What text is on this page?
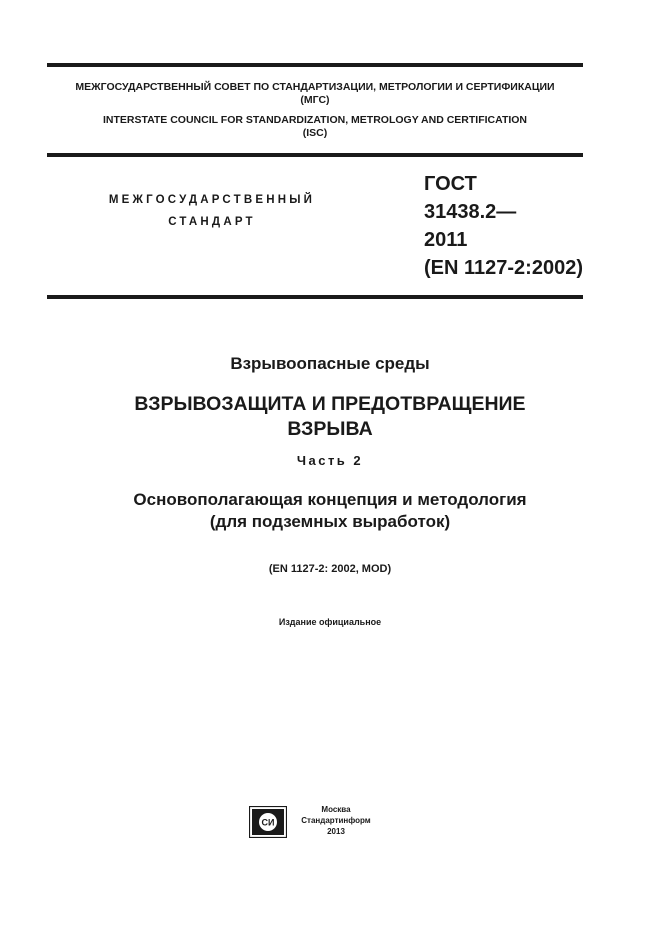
МЕЖГОСУДАРСТВЕННЫЙ СОВЕТ ПО СТАНДАРТИЗАЦИИ, МЕТРОЛОГИИ И СЕРТИФИКАЦИИ
(МГС)
INTERSTATE COUNCIL FOR STANDARDIZATION, METROLOGY AND CERTIFICATION
(ISC)
МЕЖГОСУДАРСТВЕННЫЙ
СТАНДАРТ
ГОСТ
31438.2—
2011
(EN 1127-2:2002)
Взрывоопасные среды
ВЗРЫВОЗАЩИТА И ПРЕДОТВРАЩЕНИЕ
ВЗРЫВА
Часть 2
Основополагающая концепция и методология
(для подземных выработок)
(EN 1127-2: 2002, MOD)
Издание официальное
СИ
Москва
Стандартинформ
2013
